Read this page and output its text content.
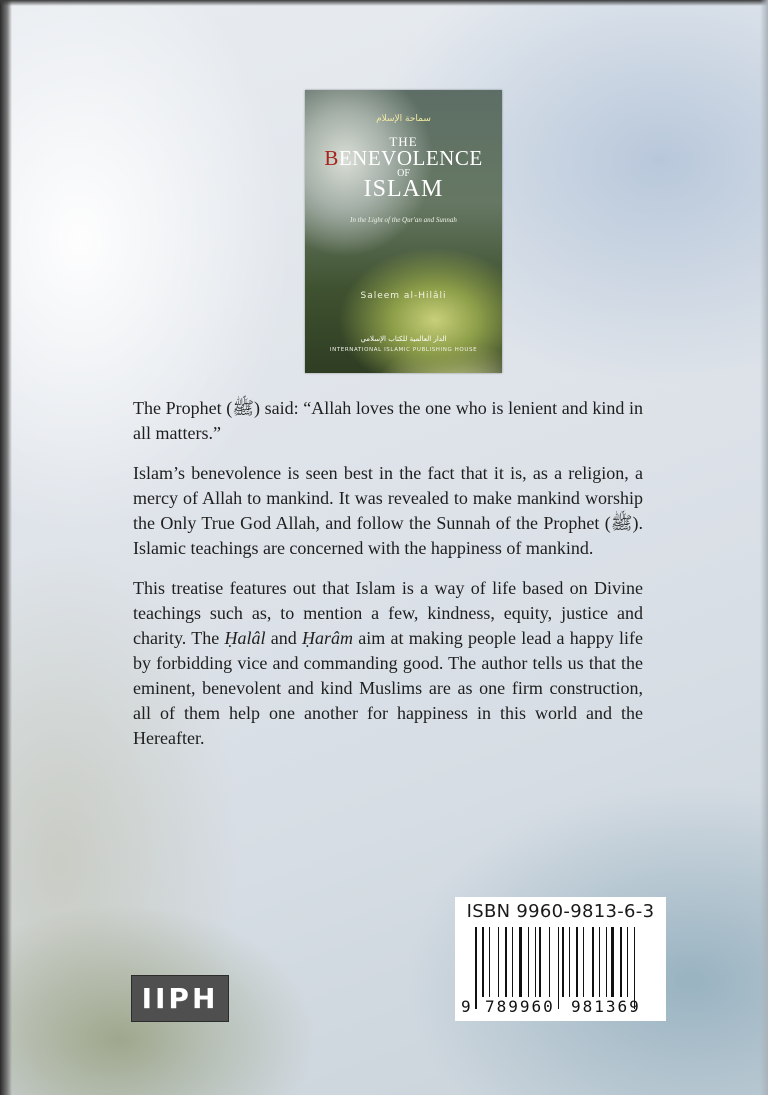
سماحة الإسلام
THE
BENEVOLENCE
OF
ISLAM
In the Light of the Qur'an and Sunnah
Saleem al-Hilâli
الدار العالمية للكتاب الإسلامي
INTERNATIONAL ISLAMIC PUBLISHING HOUSE

The Prophet (ﷺ) said: “Allah loves the one who is lenient and kind in all matters.”

Islam’s benevolence is seen best in the fact that it is, as a religion, a mercy of Allah to mankind. It was revealed to make mankind worship the Only True God Allah, and follow the Sunnah of the Prophet (ﷺ). Islamic teachings are concerned with the happiness of mankind.

This treatise features out that Islam is a way of life based on Divine teachings such as, to mention a few, kindness, equity, justice and charity. The Ḥalâl and Ḥarâm aim at making people lead a happy life by forbidding vice and commanding good. The author tells us that the eminent, benevolent and kind Muslims are as one firm construction, all of them help one another for happiness in this world and the Hereafter.

IIPH
ISBN 9960-9813-6-3
9 789960 981369
